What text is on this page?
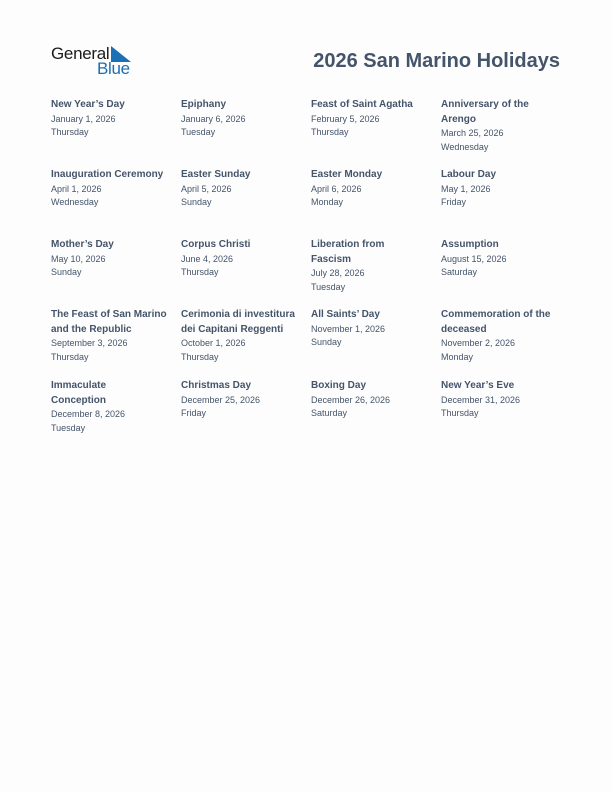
General
Blue	2026 San Marino Holidays
New Year’s Day
January 1, 2026
Thursday
Epiphany
January 6, 2026
Tuesday
Feast of Saint Agatha
February 5, 2026
Thursday
Anniversary of the Arengo
March 25, 2026
Wednesday
Inauguration Ceremony
April 1, 2026
Wednesday
Easter Sunday
April 5, 2026
Sunday
Easter Monday
April 6, 2026
Monday
Labour Day
May 1, 2026
Friday
Mother’s Day
May 10, 2026
Sunday
Corpus Christi
June 4, 2026
Thursday
Liberation from Fascism
July 28, 2026
Tuesday
Assumption
August 15, 2026
Saturday
The Feast of San Marino and the Republic
September 3, 2026
Thursday
Cerimonia di investitura dei Capitani Reggenti
October 1, 2026
Thursday
All Saints’ Day
November 1, 2026
Sunday
Commemoration of the deceased
November 2, 2026
Monday
Immaculate Conception
December 8, 2026
Tuesday
Christmas Day
December 25, 2026
Friday
Boxing Day
December 26, 2026
Saturday
New Year’s Eve
December 31, 2026
Thursday
